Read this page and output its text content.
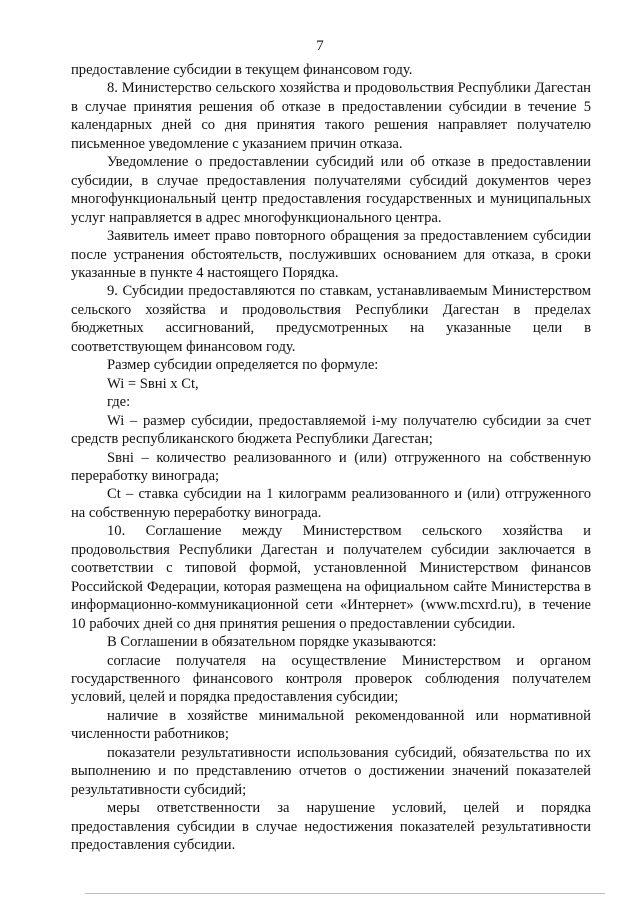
7

предоставление субсидии в текущем финансовом году.

8. Министерство сельского хозяйства и продовольствия Республики Дагестан в случае принятия решения об отказе в предоставлении субсидии в течение 5 календарных дней со дня принятия такого решения направляет получателю письменное уведомление с указанием причин отказа.

Уведомление о предоставлении субсидий или об отказе в предоставлении субсидии, в случае предоставления получателями субсидий документов через многофункциональный центр предоставления государственных и муниципальных услуг направляется в адрес многофункционального центра.

Заявитель имеет право повторного обращения за предоставлением субсидии после устранения обстоятельств, послуживших основанием для отказа, в сроки указанные в пункте 4 настоящего Порядка.

9. Субсидии предоставляются по ставкам, устанавливаемым Министерством сельского хозяйства и продовольствия Республики Дагестан в пределах бюджетных ассигнований, предусмотренных на указанные цели в соответствующем финансовом году.

Размер субсидии определяется по формуле:

Wi = Sвнi х Ct,

где:

Wi – размер субсидии, предоставляемой i-му получателю субсидии за счет средств республиканского бюджета Республики Дагестан;

Sвнi – количество реализованного и (или) отгруженного на собственную переработку винограда;

Ct – ставка субсидии на 1 килограмм реализованного и (или) отгруженного на собственную переработку винограда.

10. Соглашение между Министерством сельского хозяйства и продовольствия Республики Дагестан и получателем субсидии заключается в соответствии с типовой формой, установленной Министерством финансов Российской Федерации, которая размещена на официальном сайте Министерства в информационно-коммуникационной сети «Интернет» (www.mcxrd.ru), в течение 10 рабочих дней со дня принятия решения о предоставлении субсидии.

В Соглашении в обязательном порядке указываются:

согласие получателя на осуществление Министерством и органом государственного финансового контроля проверок соблюдения получателем условий, целей и порядка предоставления субсидии;

наличие в хозяйстве минимальной рекомендованной или нормативной численности работников;

показатели результативности использования субсидий, обязательства по их выполнению и по представлению отчетов о достижении значений показателей результативности субсидий;

меры ответственности за нарушение условий, целей и порядка предоставления субсидии в случае недостижения показателей результативности предоставления субсидии.
